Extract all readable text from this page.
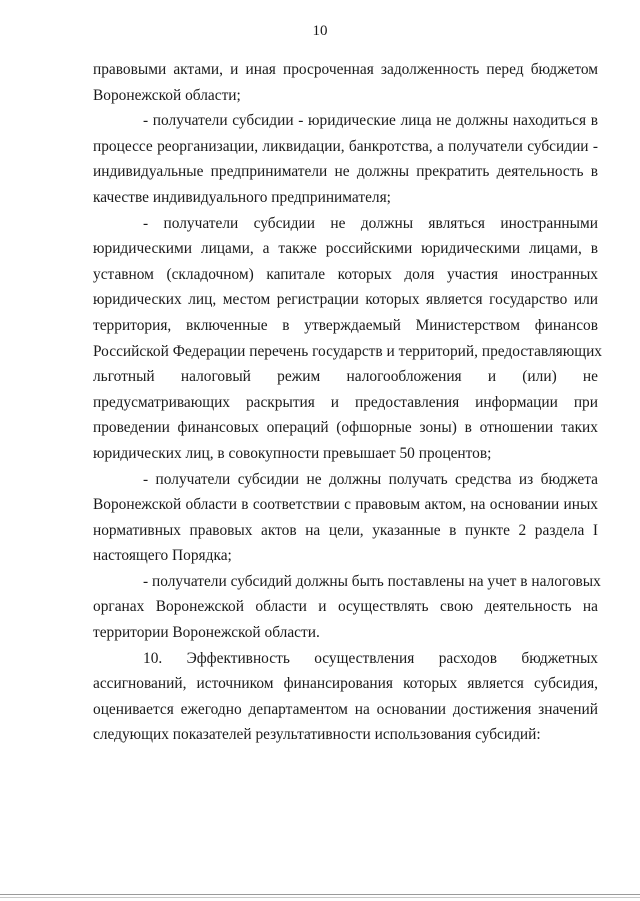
10
правовыми актами, и иная просроченная задолженность перед бюджетом
Воронежской области;
- получатели субсидии - юридические лица не должны находиться в
процессе реорганизации, ликвидации, банкротства, а получатели субсидии -
индивидуальные предприниматели не должны прекратить деятельность в
качестве индивидуального предпринимателя;
- получатели субсидии не должны являться иностранными
юридическими лицами, а также российскими юридическими лицами, в
уставном (складочном) капитале которых доля участия иностранных
юридических лиц, местом регистрации которых является государство или
территория, включенные в утверждаемый Министерством финансов
Российской Федерации перечень государств и территорий, предоставляющих
льготный налоговый режим налогообложения и (или) не
предусматривающих раскрытия и предоставления информации при
проведении финансовых операций (офшорные зоны) в отношении таких
юридических лиц, в совокупности превышает 50 процентов;
- получатели субсидии не должны получать средства из бюджета
Воронежской области в соответствии с правовым актом, на основании иных
нормативных правовых актов на цели, указанные в пункте 2 раздела I
настоящего Порядка;
- получатели субсидий должны быть поставлены на учет в налоговых
органах Воронежской области и осуществлять свою деятельность на
территории Воронежской области.
10. Эффективность осуществления расходов бюджетных
ассигнований, источником финансирования которых является субсидия,
оценивается ежегодно департаментом на основании достижения значений
следующих показателей результативности использования субсидий:
